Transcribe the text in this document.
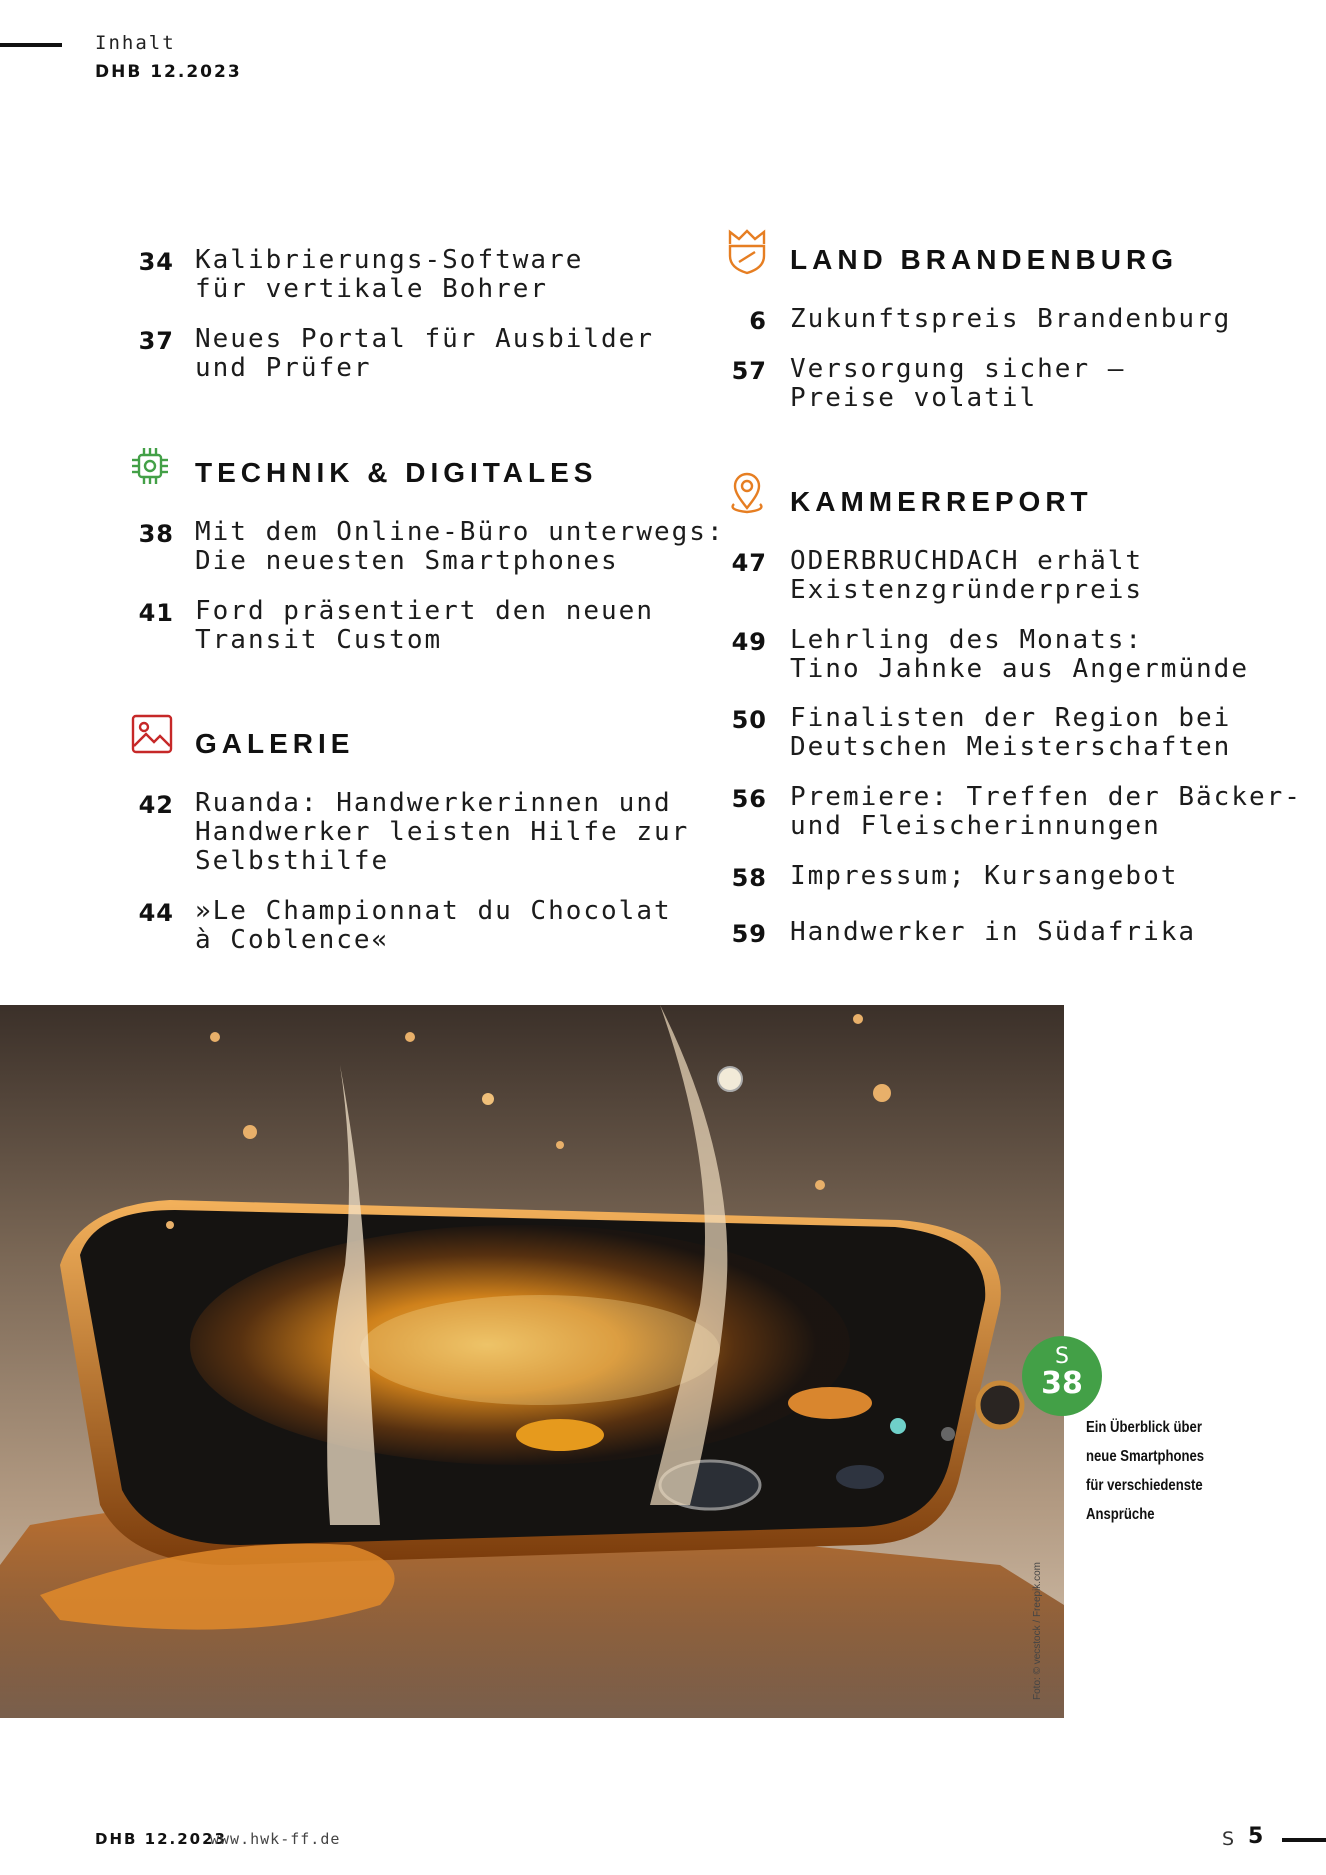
Inhalt
DHB 12.2023
34 Kalibrierungs-Software
für vertikale Bohrer
37 Neues Portal für Ausbilder
und Prüfer
TECHNIK & DIGITALES
38 Mit dem Online-Büro unterwegs:
Die neuesten Smartphones
41 Ford präsentiert den neuen
Transit Custom
GALERIE
42 Ruanda: Handwerkerinnen und
Handwerker leisten Hilfe zur
Selbsthilfe
44 »Le Championnat du Chocolat
à Coblence«
LAND BRANDENBURG
6 Zukunftspreis Brandenburg
57 Versorgung sicher –
Preise volatil
KAMMERREPORT
47 ODERBRUCHDACH erhält
Existenzgründerpreis
49 Lehrling des Monats:
Tino Jahnke aus Angermünde
50 Finalisten der Region bei
Deutschen Meisterschaften
56 Premiere: Treffen der Bäcker-
und Fleischerinnungen
58 Impressum; Kursangebot
59 Handwerker in Südafrika
S
38
Ein Überblick über
neue Smartphones
für verschiedenste
Ansprüche
Foto: © vecstock / Freepik.com
DHB 12.2023
www.hwk-ff.de	S 5
